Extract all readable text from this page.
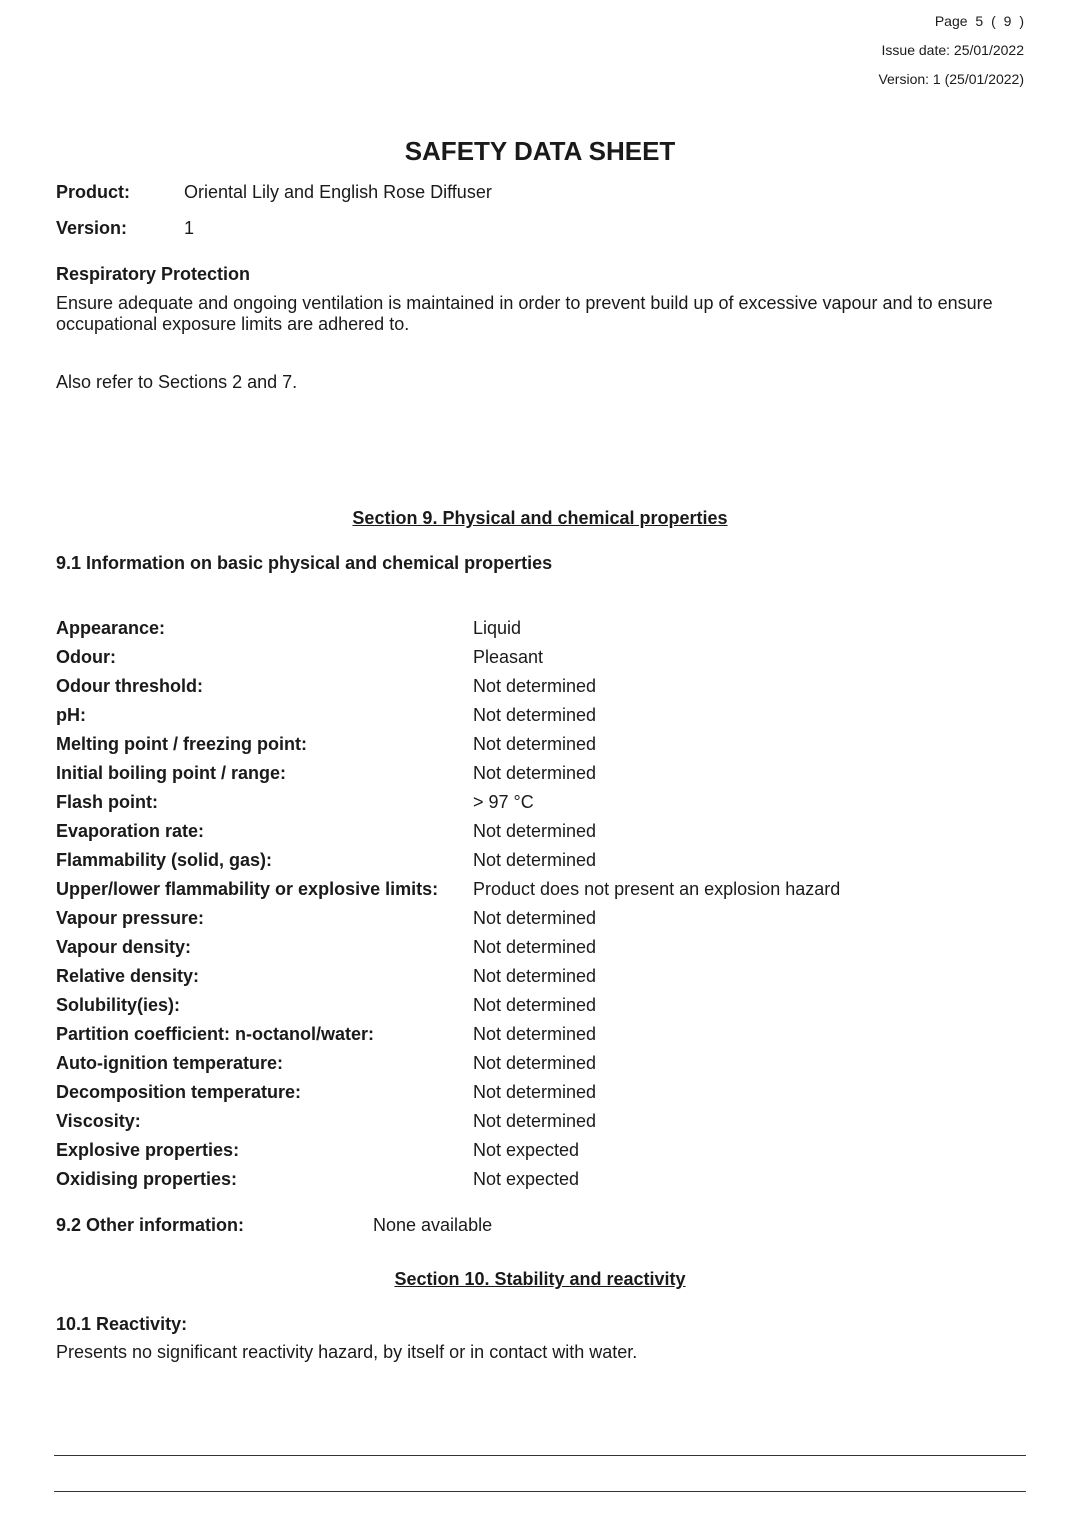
Page 5 ( 9 )
Issue date: 25/01/2022
Version: 1 (25/01/2022)
SAFETY DATA SHEET
Product:	Oriental Lily and English Rose Diffuser
Version:	1
Respiratory Protection
Ensure adequate and ongoing ventilation is maintained in order to prevent build up of excessive vapour and to ensure
occupational exposure limits are adhered to.
Also refer to Sections 2 and 7.
Section 9. Physical and chemical properties
9.1 Information on basic physical and chemical properties
Appearance:	Liquid
Odour:	Pleasant
Odour threshold:	Not determined
pH:	Not determined
Melting point / freezing point:	Not determined
Initial boiling point / range:	Not determined
Flash point:	> 97 °C
Evaporation rate:	Not determined
Flammability (solid, gas):	Not determined
Upper/lower flammability or explosive limits: Product does not present an explosion hazard
Vapour pressure:	Not determined
Vapour density:	Not determined
Relative density:	Not determined
Solubility(ies):	Not determined
Partition coefficient: n-octanol/water:	Not determined
Auto-ignition temperature:	Not determined
Decomposition temperature:	Not determined
Viscosity:	Not determined
Explosive properties:	Not expected
Oxidising properties:	Not expected
9.2 Other information:	None available
Section 10. Stability and reactivity
10.1 Reactivity:
Presents no significant reactivity hazard, by itself or in contact with water.
